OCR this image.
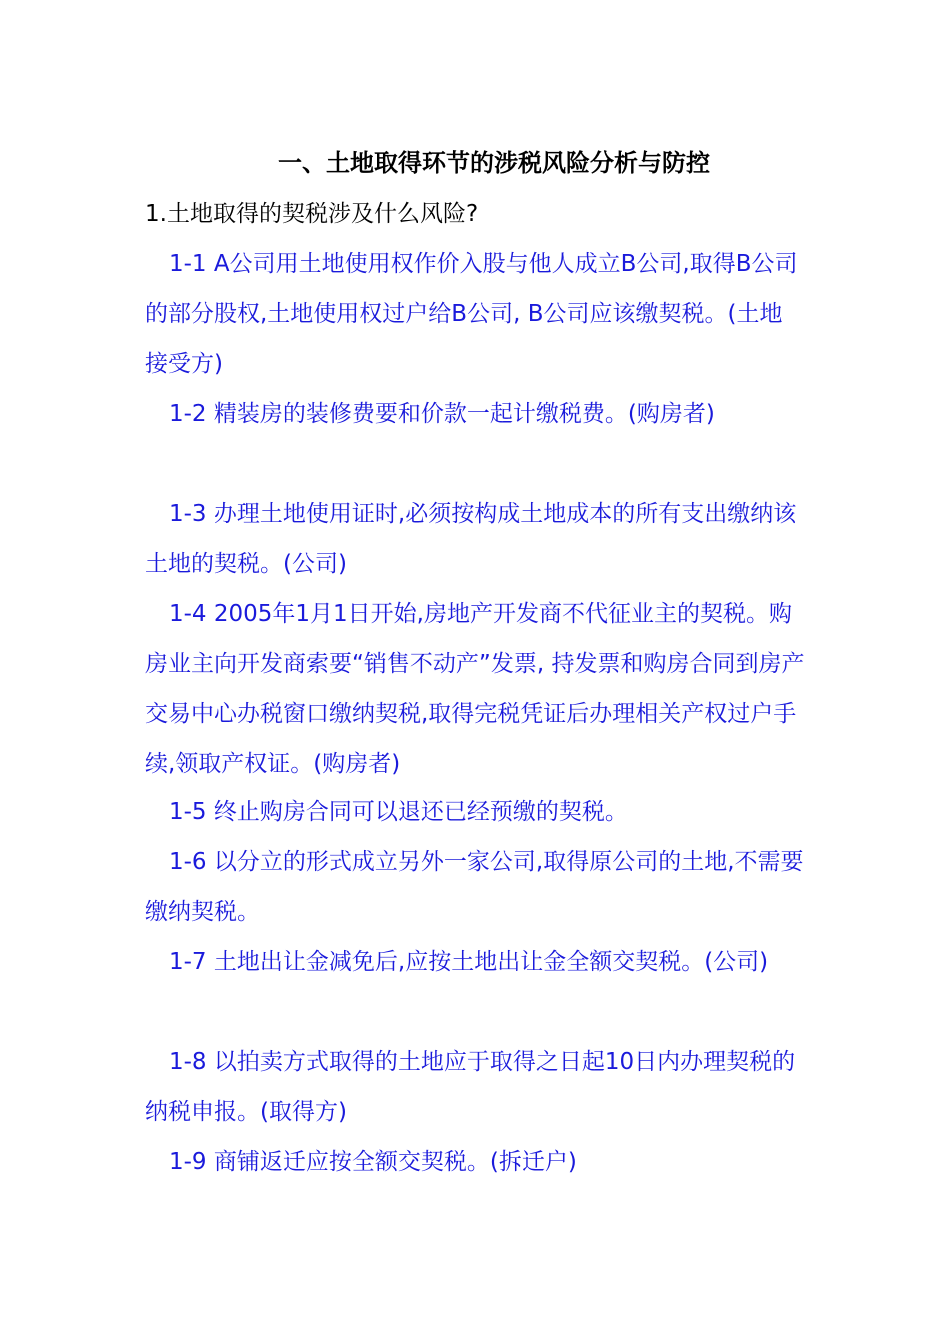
一、土地取得环节的涉税风险分析与防控
1.土地取得的契税涉及什么风险?

1-1 A公司用土地使用权作价入股与他人成立B公司,取得B公司的部分股权,土地使用权过户给B公司, B公司应该缴契税。(土地接受方)

1-2 精装房的装修费要和价款一起计缴税费。(购房者)

1-3 办理土地使用证时,必须按构成土地成本的所有支出缴纳该土地的契税。(公司)

1-4 2005年1月1日开始,房地产开发商不代征业主的契税。购房业主向开发商索要“销售不动产”发票, 持发票和购房合同到房产交易中心办税窗口缴纳契税,取得完税凭证后办理相关产权过户手续,领取产权证。(购房者)

1-5 终止购房合同可以退还已经预缴的契税。

1-6 以分立的形式成立另外一家公司,取得原公司的土地,不需要缴纳契税。

1-7 土地出让金减免后,应按土地出让金全额交契税。(公司)

1-8 以拍卖方式取得的土地应于取得之日起10日内办理契税的纳税申报。(取得方)

1-9 商铺返迁应按全额交契税。(拆迁户)
